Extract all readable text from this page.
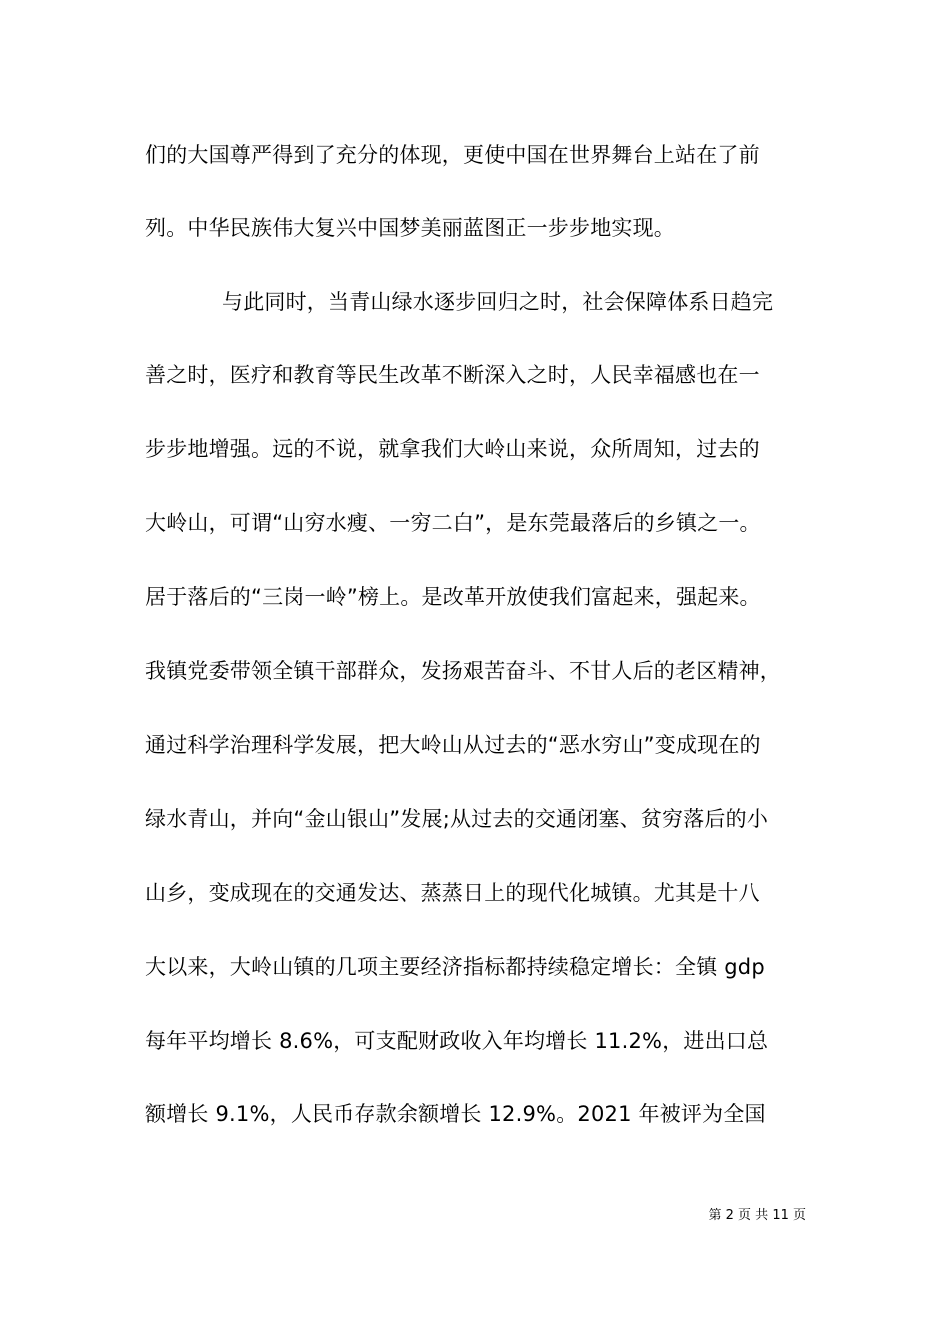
们的大国尊严得到了充分的体现，更使中国在世界舞台上站在了前
列。中华民族伟大复兴中国梦美丽蓝图正一步步地实现。
与此同时，当青山绿水逐步回归之时，社会保障体系日趋完
善之时，医疗和教育等民生改革不断深入之时，人民幸福感也在一
步步地增强。远的不说，就拿我们大岭山来说，众所周知，过去的
大岭山，可谓“山穷水瘦、一穷二白”，是东莞最落后的乡镇之一。
居于落后的“三岗一岭”榜上。是改革开放使我们富起来，强起来。
我镇党委带领全镇干部群众，发扬艰苦奋斗、不甘人后的老区精神，
通过科学治理科学发展，把大岭山从过去的“恶水穷山”变成现在的
绿水青山，并向“金山银山”发展;从过去的交通闭塞、贫穷落后的小
山乡，变成现在的交通发达、蒸蒸日上的现代化城镇。尤其是十八
大以来，大岭山镇的几项主要经济指标都持续稳定增长：全镇 gdp
每年平均增长 8.6%，可支配财政收入年均增长 11.2%，进出口总
额增长 9.1%，人民币存款余额增长 12.9%。2021 年被评为全国
第 2 页 共 11 页
